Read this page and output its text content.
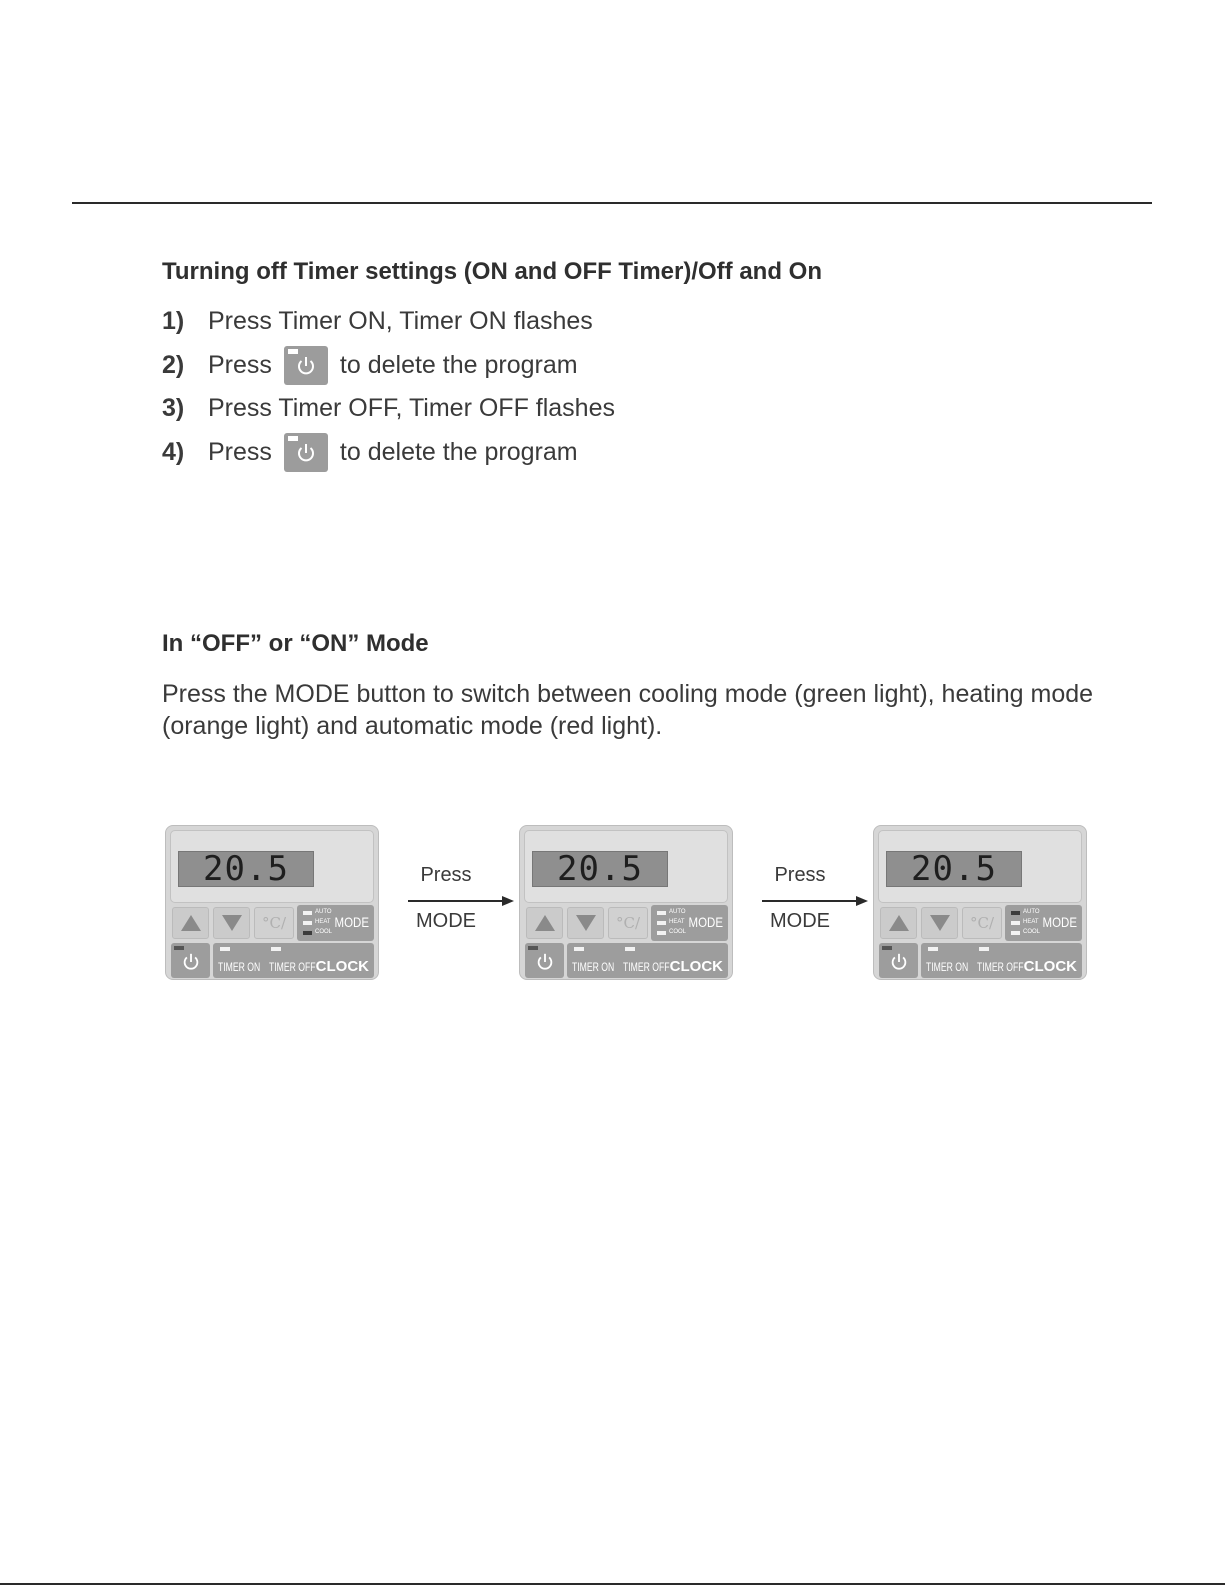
Turning off Timer settings (ON and OFF Timer)/Off and On
1) Press Timer ON, Timer ON flashes
2) Press	to delete the program
3) Press Timer OFF, Timer OFF flashes
4) Press	to delete the program
In “OFF” or “ON” Mode

Press the MODE button to switch between cooling mode (green light), heating mode (orange light) and automatic mode (red light).

20.5
°C/
AUTO
HEAT
COOL
MODE
TIMER ON TIMER OFF CLOCK
Press
MODE
20.5
°C/
AUTO
HEAT
COOL
MODE
TIMER ON TIMER OFF CLOCK
Press
MODE
20.5
°C/
AUTO
HEAT
COOL
MODE
TIMER ON TIMER OFF CLOCK
